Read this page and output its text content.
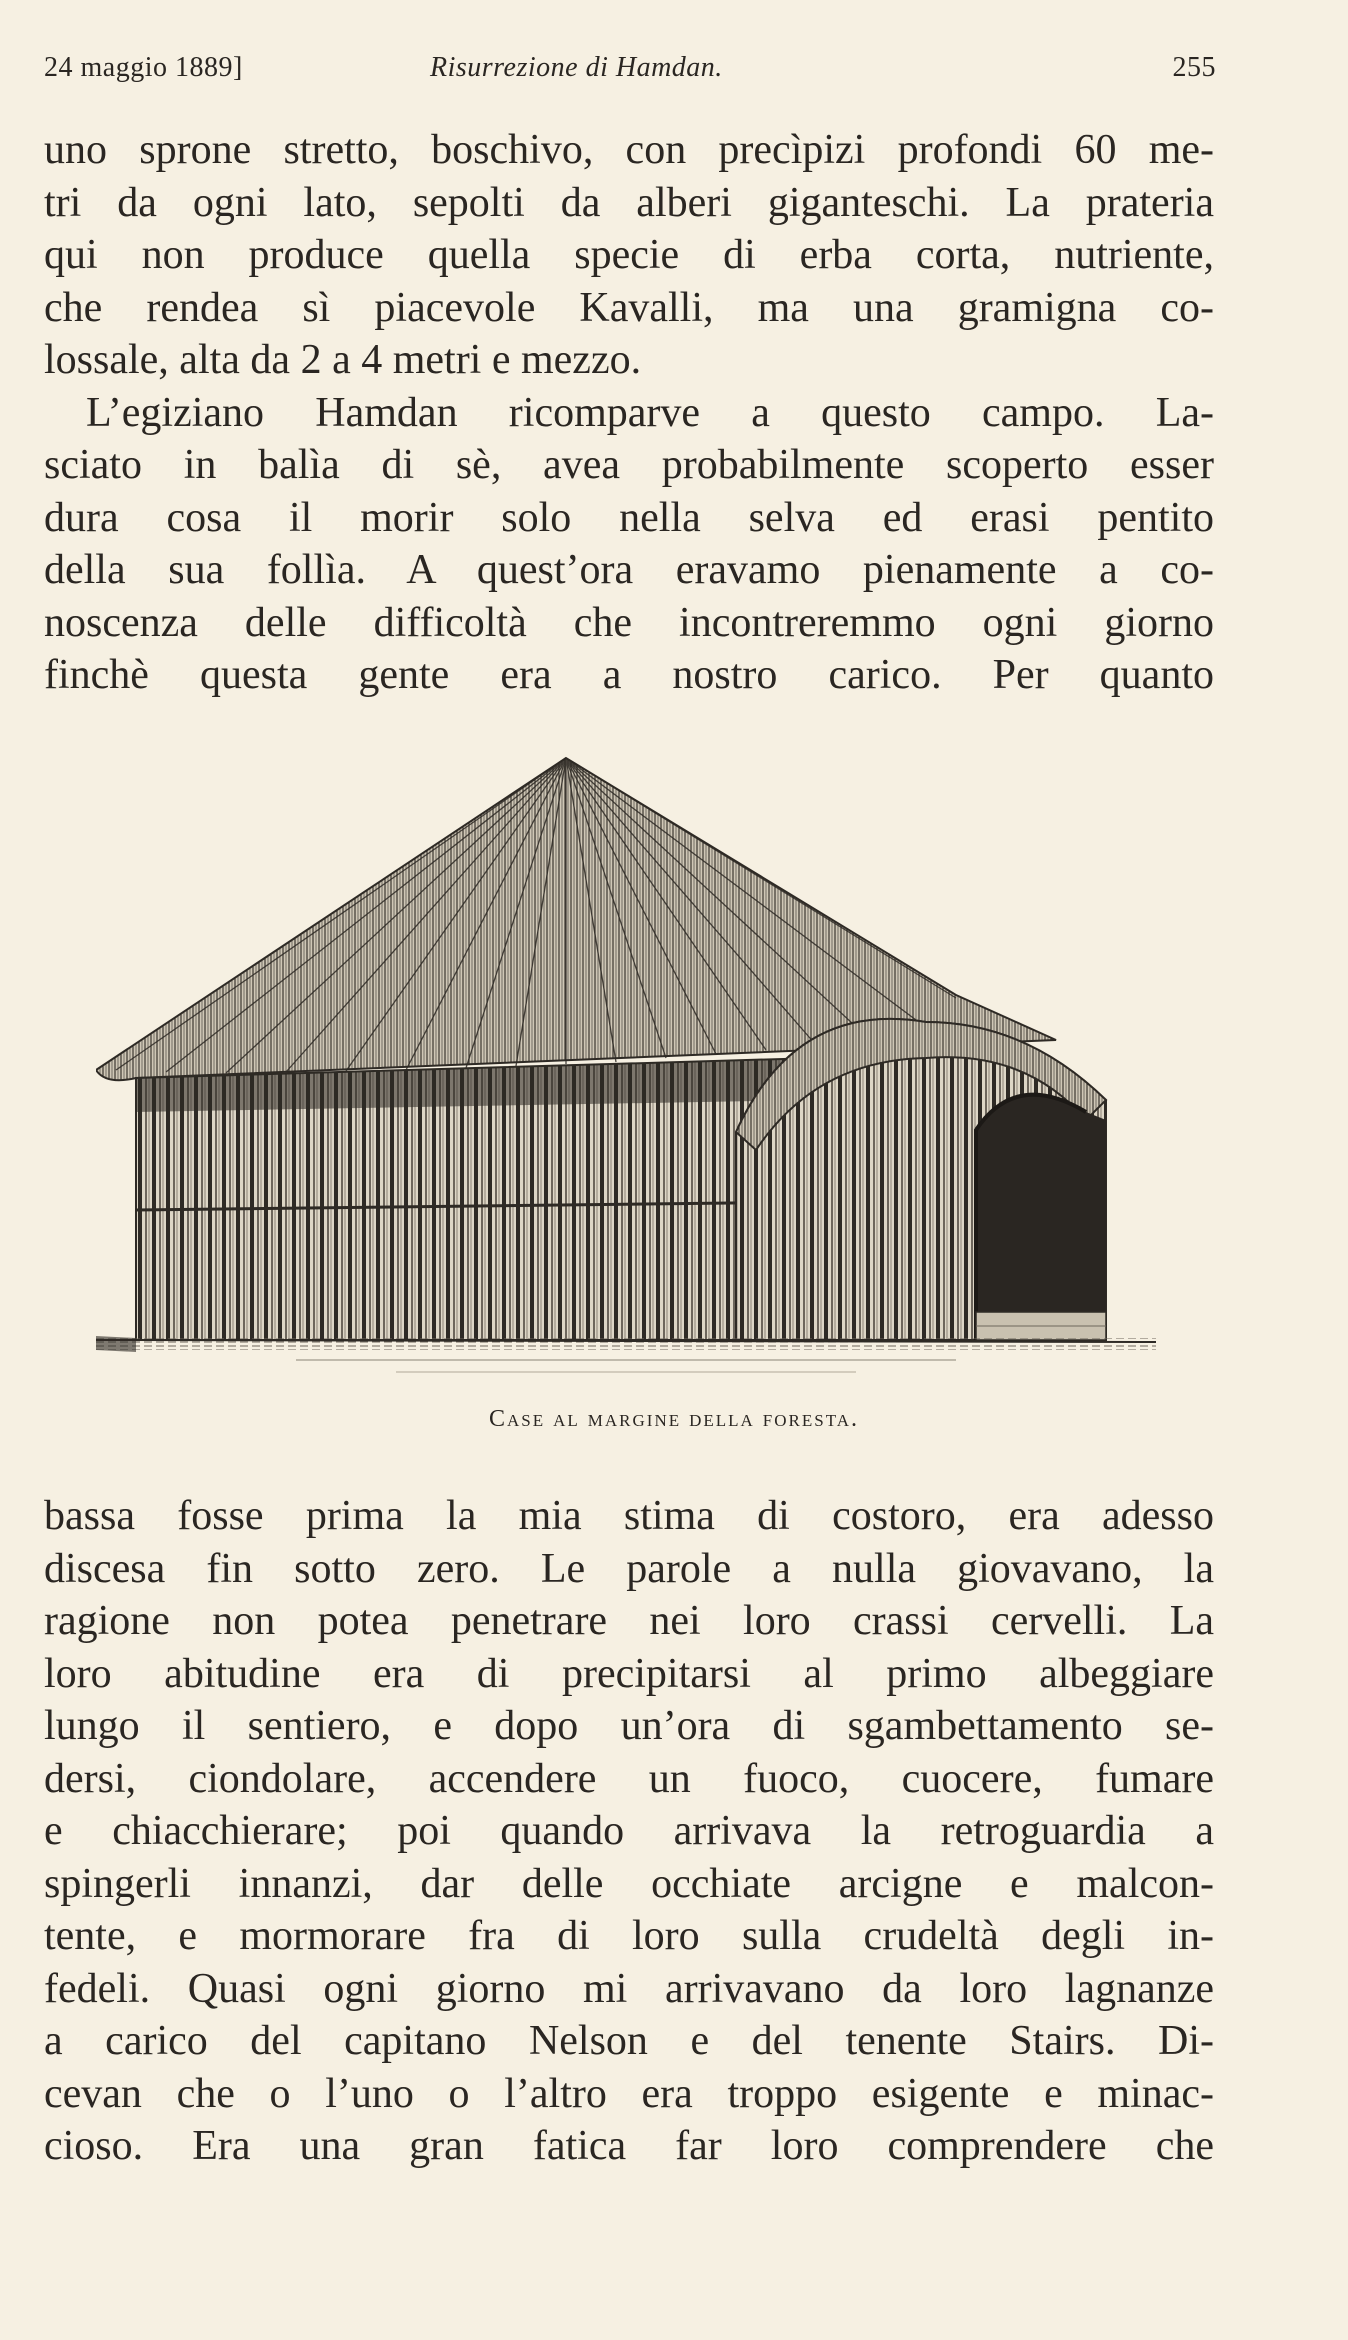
24 maggio 1889]	Risurrezione di Hamdan.	255
uno sprone stretto, boschivo, con precìpizi profondi 60 me-
tri da ogni lato, sepolti da alberi giganteschi. La prateria
qui non produce quella specie di erba corta, nutriente,
che rendea sì piacevole Kavalli, ma una gramigna co-
lossale, alta da 2 a 4 metri e mezzo.
L’egiziano Hamdan ricomparve a questo campo. La-
sciato in balìa di sè, avea probabilmente scoperto esser
dura cosa il morir solo nella selva ed erasi pentito
della sua follìa. A quest’ora eravamo pienamente a co-
noscenza delle difficoltà che incontreremmo ogni giorno
finchè questa gente era a nostro carico. Per quanto
Case al margine della foresta.
bassa fosse prima la mia stima di costoro, era adesso
discesa fin sotto zero. Le parole a nulla giovavano, la
ragione non potea penetrare nei loro crassi cervelli. La
loro abitudine era di precipitarsi al primo albeggiare
lungo il sentiero, e dopo un’ora di sgambettamento se-
dersi, ciondolare, accendere un fuoco, cuocere, fumare
e chiacchierare; poi quando arrivava la retroguardia a
spingerli innanzi, dar delle occhiate arcigne e malcon-
tente, e mormorare fra di loro sulla crudeltà degli in-
fedeli. Quasi ogni giorno mi arrivavano da loro lagnanze
a carico del capitano Nelson e del tenente Stairs. Di-
cevan che o l’uno o l’altro era troppo esigente e minac-
cioso. Era una gran fatica far loro comprendere che
